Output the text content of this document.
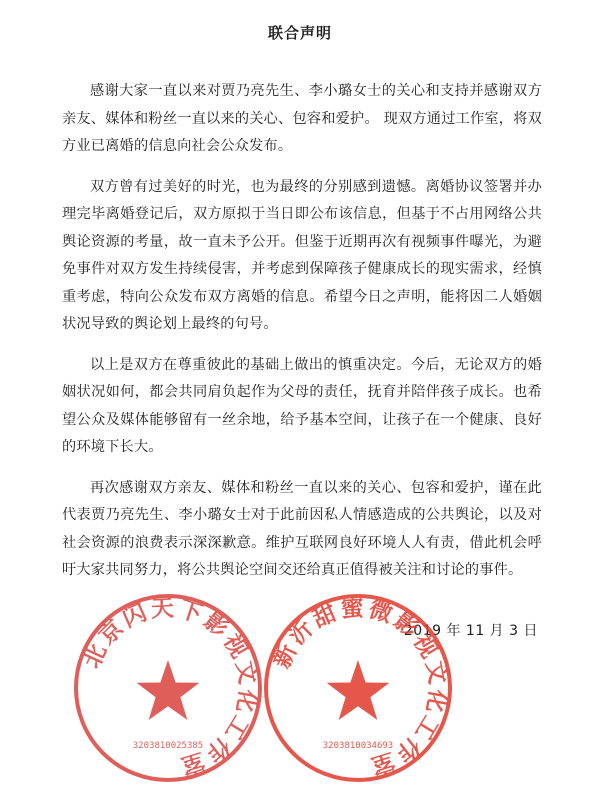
联合声明

感谢大家一直以来对贾乃亮先生、李小璐女士的关心和支持并感谢双方亲友、媒体和粉丝一直以来的关心、包容和爱护。 现双方通过工作室，将双方业已离婚的信息向社会公众发布。

双方曾有过美好的时光，也为最终的分别感到遗憾。离婚协议签署并办理完毕离婚登记后，双方原拟于当日即公布该信息，但基于不占用网络公共舆论资源的考量，故一直未予公开。但鉴于近期再次有视频事件曝光，为避免事件对双方发生持续侵害，并考虑到保障孩子健康成长的现实需求，经慎重考虑，特向公众发布双方离婚的信息。希望今日之声明，能将因二人婚姻状况导致的舆论划上最终的句号。

以上是双方在尊重彼此的基础上做出的慎重决定。今后，无论双方的婚姻状况如何，都会共同肩负起作为父母的责任，抚育并陪伴孩子成长。也希望公众及媒体能够留有一丝余地，给予基本空间，让孩子在一个健康、良好的环境下长大。

再次感谢双方亲友、媒体和粉丝一直以来的关心、包容和爱护，谨在此代表贾乃亮先生、李小璐女士对于此前因私人情感造成的公共舆论，以及对社会资源的浪费表示深深歉意。维护互联网良好环境人人有责，借此机会呼吁大家共同努力，将公共舆论空间交还给真正值得被关注和讨论的事件。

2019 年 11 月 3 日
北京闪天下影视文化工作室
3203810025385
新沂甜蜜微影视文化工作室
3203810034693
